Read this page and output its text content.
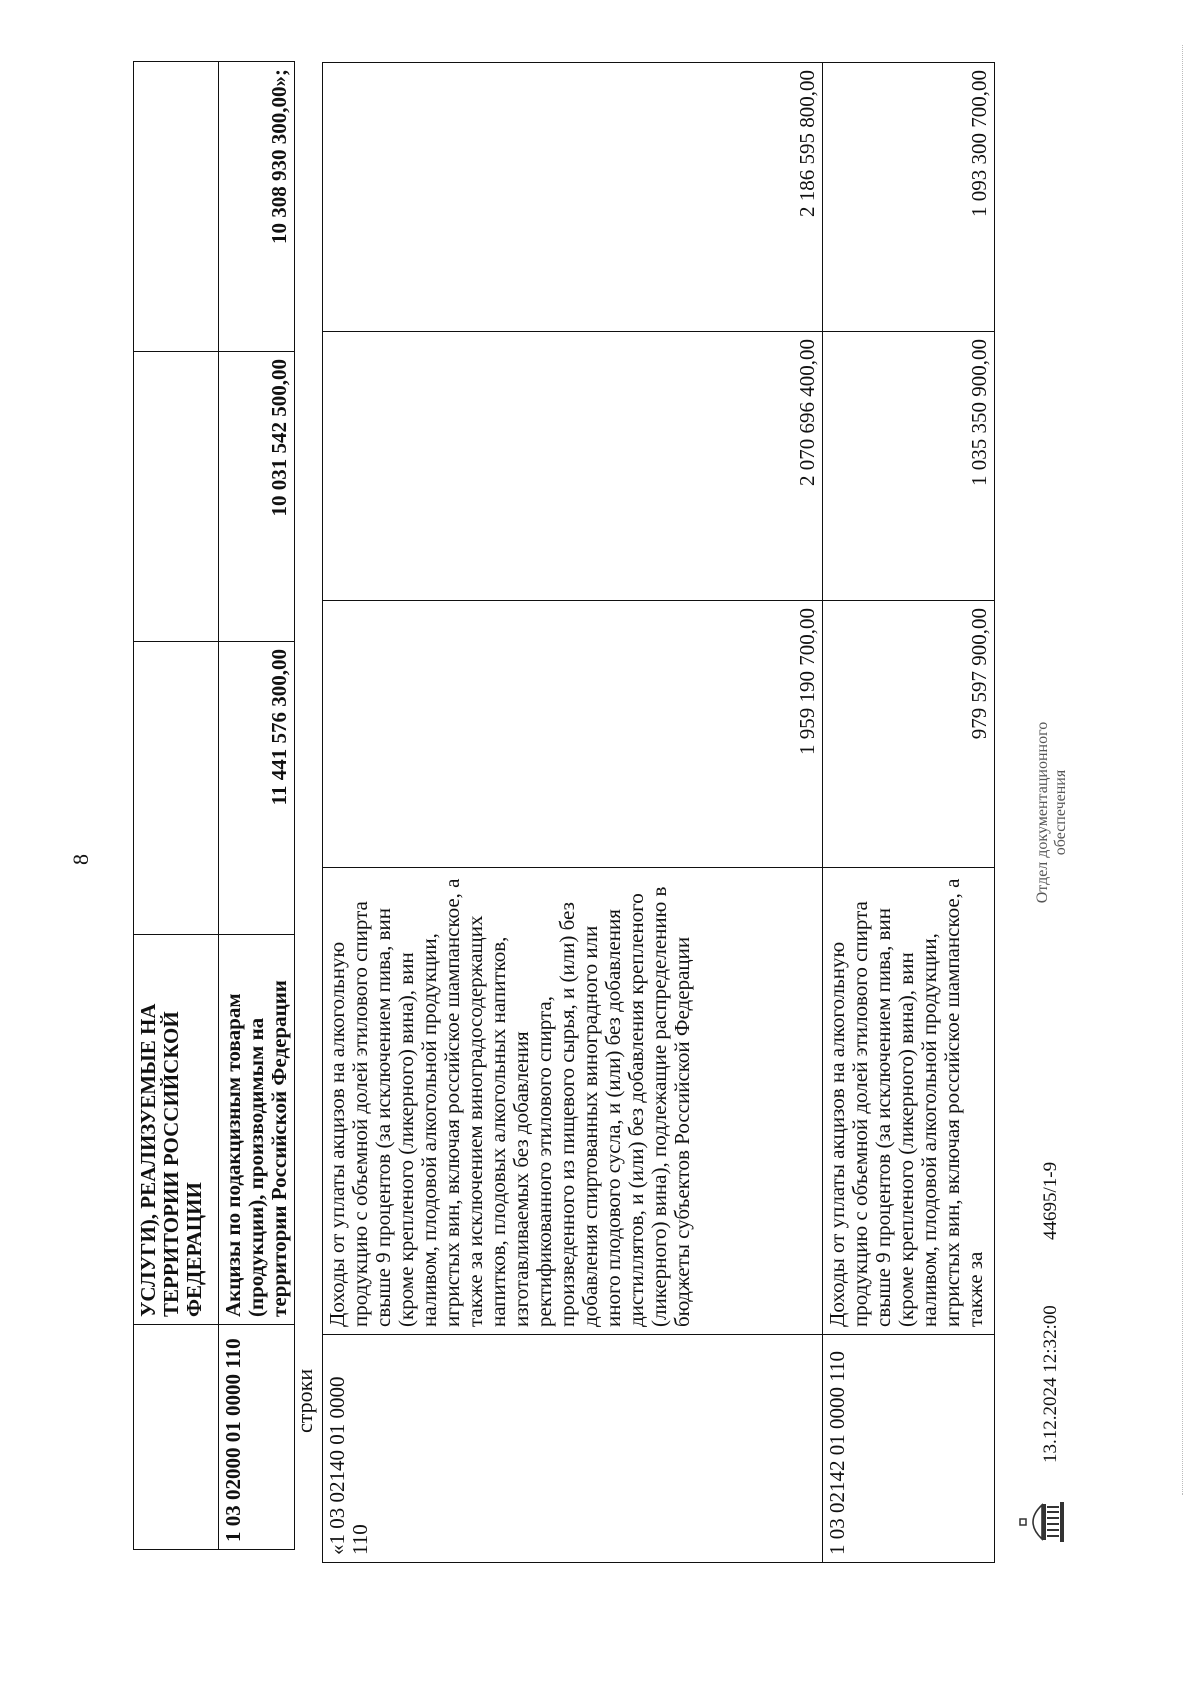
8
	УСЛУГИ), РЕАЛИЗУЕМЫЕ НА ТЕРРИТОРИИ РОССИЙСКОЙ ФЕДЕРАЦИИ			
1 03 02000 01 0000 110	Акцизы по подакцизным товарам (продукции), производимым на территории Российской Федерации	11 441 576 300,00	10 031 542 500,00	10 308 930 300,00»;
строки «1 03 02140 01 0000 110	Доходы от уплаты акцизов на алкогольную продукцию с объемной долей этилового спирта свыше 9 процентов (за исключением пива, вин (кроме крепленого (ликерного) вина), вин наливом, плодовой алкогольной продукции, игристых вин, включая российское шампанское, а также за исключением виноградосодержащих напитков, плодовых алкогольных напитков, изготавливаемых без добавления ректификованного этилового спирта, произведенного из пищевого сырья, и (или) без добавления спиртованных виноградного или иного плодового сусла, и (или) без добавления дистиллятов, и (или) без добавления крепленого (ликерного) вина), подлежащие распределению в бюджеты субъектов Российской Федерации	1 959 190 700,00	2 070 696 400,00	2 186 595 800,00
1 03 02142 01 0000 110	Доходы от уплаты акцизов на алкогольную продукцию с объемной долей этилового спирта свыше 9 процентов (за исключением пива, вин (кроме крепленого (ликерного) вина), вин наливом, плодовой алкогольной продукции, игристых вин, включая российское шампанское, а также за	979 597 900,00	1 035 350 900,00	1 093 300 700,00
13.12.2024 12:32:00
44695/1-9
Отдел документационного обеспечения
